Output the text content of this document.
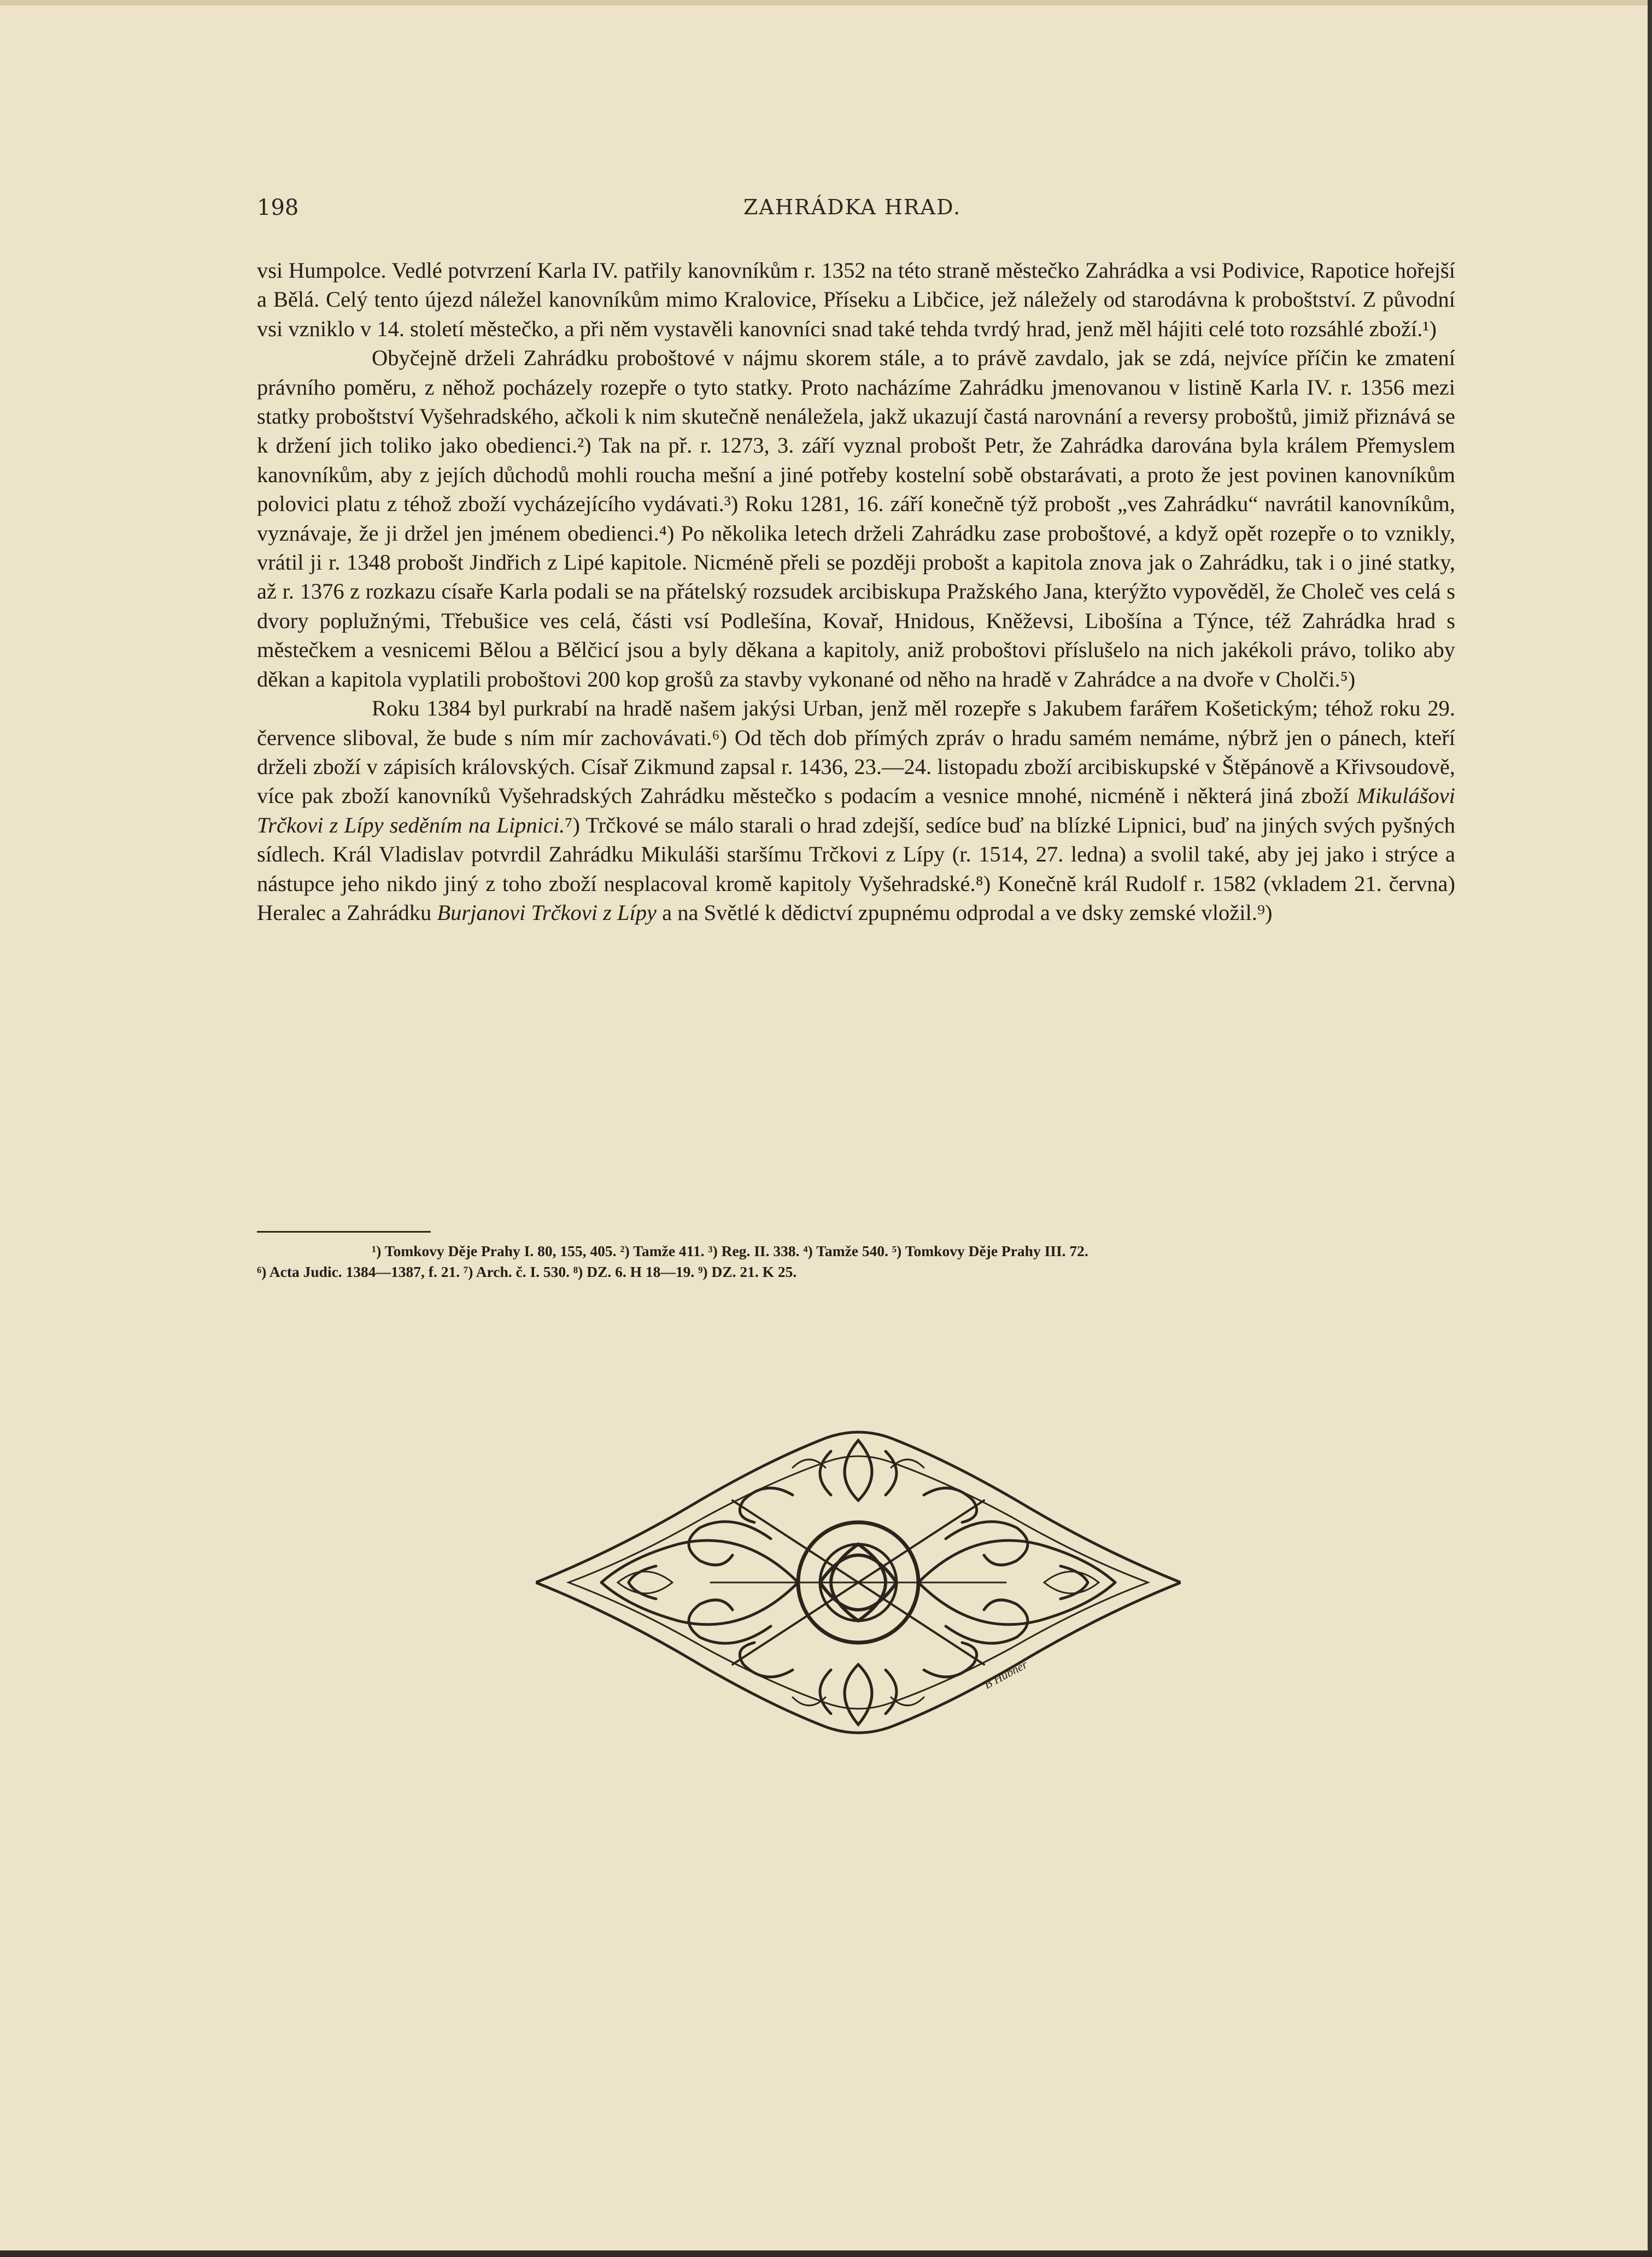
198	ZAHRÁDKA HRAD.

vsi Humpolce. Vedlé potvrzení Karla IV. patřily kanovníkům r. 1352 na této straně městečko Zahrádka a vsi Podivice, Rapotice hořejší a Bělá. Celý tento újezd náležel kanovníkům mimo Kralovice, Příseku a Libčice, jež náležely od starodávna k proboštství. Z původní vsi vzniklo v 14. století městečko, a při něm vystavěli kanovníci snad také tehda tvrdý hrad, jenž měl hájiti celé toto rozsáhlé zboží.¹)

Obyčejně drželi Zahrádku proboštové v nájmu skorem stále, a to právě zavdalo, jak se zdá, nejvíce příčin ke zmatení právního poměru, z něhož pocházely rozepře o tyto statky. Proto nacházíme Zahrádku jmenovanou v listině Karla IV. r. 1356 mezi statky proboštství Vyšehradského, ačkoli k nim skutečně nenáležela, jakž ukazují častá narovnání a reversy proboštů, jimiž přiznává se k držení jich toliko jako obedienci.²) Tak na př. r. 1273, 3. září vyznal probošt Petr, že Zahrádka darována byla králem Přemyslem kanovníkům, aby z jejích důchodů mohli roucha mešní a jiné potřeby kostelní sobě obstarávati, a proto že jest povinen kanovníkům polovici platu z téhož zboží vycházejícího vydávati.³) Roku 1281, 16. září konečně týž probošt „ves Zahrádku“ navrátil kanovníkům, vyznávaje, že ji držel jen jménem obedienci.⁴) Po několika letech drželi Zahrádku zase proboštové, a když opět rozepře o to vznikly, vrátil ji r. 1348 probošt Jindřich z Lipé kapitole. Nicméně přeli se později probošt a kapitola znova jak o Zahrádku, tak i o jiné statky, až r. 1376 z rozkazu císaře Karla podali se na přátelský rozsudek arcibiskupa Pražského Jana, kterýžto vypověděl, že Choleč ves celá s dvory poplužnými, Třebušice ves celá, části vsí Podlešína, Kovař, Hnidous, Kněževsi, Libošína a Týnce, též Zahrádka hrad s městečkem a vesnicemi Bělou a Bělčicí jsou a byly děkana a kapitoly, aniž proboštovi příslušelo na nich jakékoli právo, toliko aby děkan a kapitola vyplatili proboštovi 200 kop grošů za stavby vykonané od něho na hradě v Zahrádce a na dvoře v Cholči.⁵)

Roku 1384 byl purkrabí na hradě našem jakýsi Urban, jenž měl rozepře s Jakubem farářem Košetickým; téhož roku 29. července sliboval, že bude s ním mír zachovávati.⁶) Od těch dob přímých zpráv o hradu samém nemáme, nýbrž jen o pánech, kteří drželi zboží v zápisích královských. Císař Zikmund zapsal r. 1436, 23.—24. listopadu zboží arcibiskupské v Štěpánově a Křivsoudově, více pak zboží kanovníků Vyšehradských Zahrádku městečko s podacím a vesnice mnohé, nicméně i některá jiná zboží Mikulášovi Trčkovi z Lípy seděním na Lipnici.⁷) Trčkové se málo starali o hrad zdejší, sedíce buď na blízké Lipnici, buď na jiných svých pyšných sídlech. Král Vladislav potvrdil Zahrádku Mikuláši staršímu Trčkovi z Lípy (r. 1514, 27. ledna) a svolil také, aby jej jako i strýce a nástupce jeho nikdo jiný z toho zboží nesplacoval kromě kapitoly Vyšehradské.⁸) Konečně král Rudolf r. 1582 (vkladem 21. června) Heralec a Zahrádku Burjanovi Trčkovi z Lípy a na Světlé k dědictví zpupnému odprodal a ve dsky zemské vložil.⁹)

¹) Tomkovy Děje Prahy I. 80, 155, 405. ²) Tamže 411. ³) Reg. II. 338. ⁴) Tamže 540. ⁵) Tomkovy Děje Prahy III. 72.

⁶) Acta Judic. 1384—1387, f. 21. ⁷) Arch. č. I. 530. ⁸) DZ. 6. H 18—19. ⁹) DZ. 21. K 25.

B Hübner
